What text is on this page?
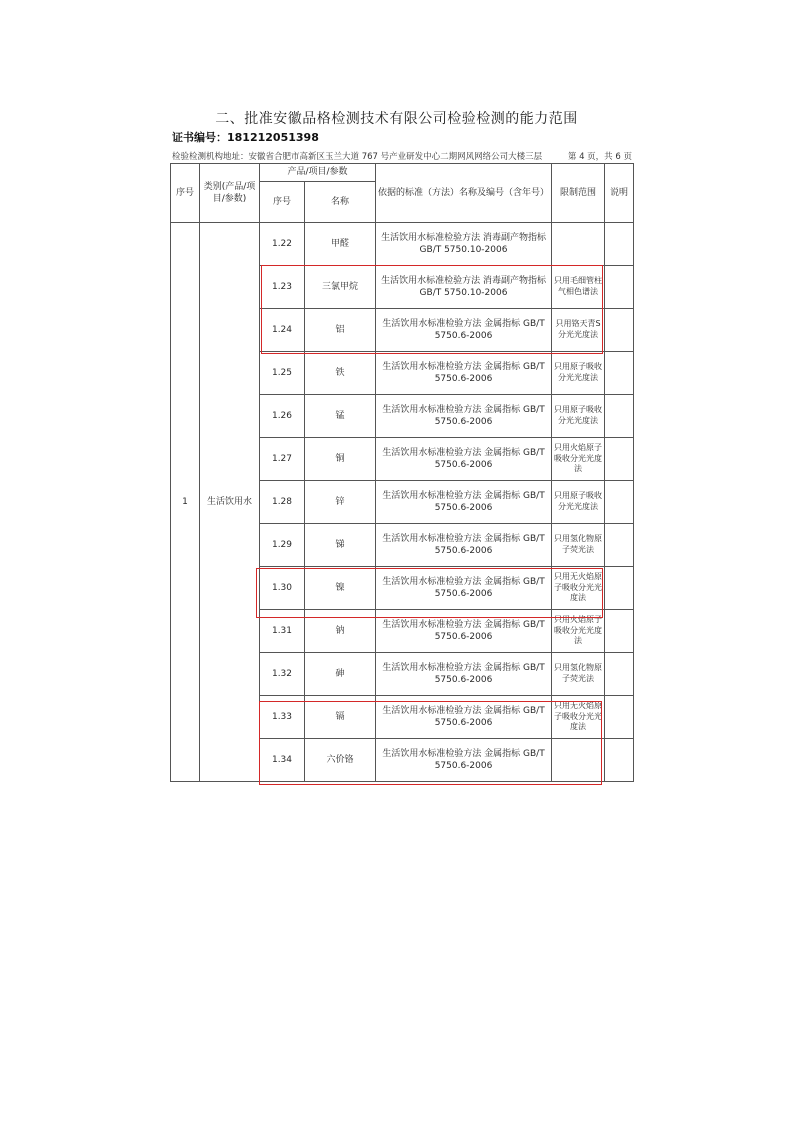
二、批准安徽品格检测技术有限公司检验检测的能力范围
证书编号：181212051398
检验检测机构地址：安徽省合肥市高新区玉兰大道 767 号产业研发中心二期网风网络公司大楼三层	第 4 页，共 6 页
序号	类别(产品/项目/参数)	产品/项目/参数		依据的标准（方法）名称及编号（含年号）	限制范围	说明
		序号	名称			
1	生活饮用水	1.22	甲醛	生活饮用水标准检验方法 消毒副产物指标 GB/T 5750.10-2006		
		1.23	三氯甲烷	生活饮用水标准检验方法 消毒副产物指标 GB/T 5750.10-2006	只用毛细管柱气相色谱法	
		1.24	铝	生活饮用水标准检验方法 金属指标 GB/T 5750.6-2006	只用铬天青S分光光度法	
		1.25	铁	生活饮用水标准检验方法 金属指标 GB/T 5750.6-2006	只用原子吸收分光光度法	
		1.26	锰	生活饮用水标准检验方法 金属指标 GB/T 5750.6-2006	只用原子吸收分光光度法	
		1.27	铜	生活饮用水标准检验方法 金属指标 GB/T 5750.6-2006	只用火焰原子吸收分光光度法	
		1.28	锌	生活饮用水标准检验方法 金属指标 GB/T 5750.6-2006	只用原子吸收分光光度法	
		1.29	锑	生活饮用水标准检验方法 金属指标 GB/T 5750.6-2006	只用氢化物原子荧光法	
		1.30	镍	生活饮用水标准检验方法 金属指标 GB/T 5750.6-2006	只用无火焰原子吸收分光光度法	
		1.31	钠	生活饮用水标准检验方法 金属指标 GB/T 5750.6-2006	只用火焰原子吸收分光光度法	
		1.32	砷	生活饮用水标准检验方法 金属指标 GB/T 5750.6-2006	只用氢化物原子荧光法	
		1.33	镉	生活饮用水标准检验方法 金属指标 GB/T 5750.6-2006	只用无火焰原子吸收分光光度法	
		1.34	六价铬	生活饮用水标准检验方法 金属指标 GB/T 5750.6-2006		
